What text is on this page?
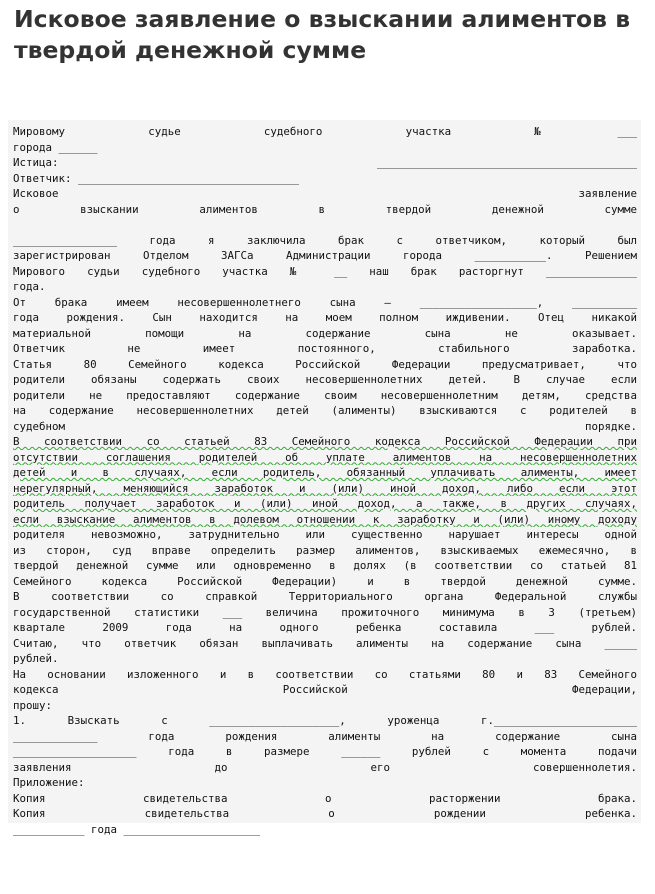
Исковое заявление о взыскании алиментов в твердой денежной сумме
Мировому судье судебного участка №___
города ______
Истица: ________________________________________
Ответчик: __________________________________
Исковое заявление
о взыскании алиментов в твердой денежной сумме
________________ года я заключила брак с ответчиком, который был
зарегистрирован Отделом ЗАГСа Администрации города ___________. Решением
Мирового судьи судебного участка № __ наш брак расторгнут ______________
года.
От брака имеем несовершеннолетнего сына – __________________, __________
года рождения. Сын находится на моем полном иждивении. Отец никакой
материальной помощи на содержание сына не оказывает.
Ответчик не имеет постоянного, стабильного заработка.
Статья 80 Семейного кодекса Российской Федерации предусматривает, что
родители обязаны содержать своих несовершеннолетних детей. В случае если
родители не предоставляют содержание своим несовершеннолетним детям, средства
на содержание несовершеннолетних детей (алименты) взыскиваются с родителей в
судебном порядке.
В соответствии со статьей 83 Семейного кодекса Российской Федерации при
отсутствии соглашения родителей об уплате алиментов на несовершеннолетних
детей и в случаях, если родитель, обязанный уплачивать алименты, имеет
нерегулярный, меняющийся заработок и (или) иной доход, либо если этот
родитель получает заработок и (или) иной доход, а также, в других случаях,
если взыскание алиментов в долевом отношении к заработку и (или) иному доходу
родителя невозможно, затруднительно или существенно нарушает интересы одной
из сторон, суд вправе определить размер алиментов, взыскиваемых ежемесячно, в
твердой денежной сумме или одновременно в долях (в соответствии со статьей 81
Семейного кодекса Российской Федерации) и в твердой денежной сумме.
В соответствии со справкой Территориального органа Федеральной службы
государственной статистики ___ величина прожиточного минимума в 3 (третьем)
квартале 2009 года на одного ребенка составила ___ рублей.
Считаю, что ответчик обязан выплачивать алименты на содержание сына _____
рублей.
На основании изложенного и в соответствии со статьями 80 и 83 Семейного
кодекса Российской Федерации,
прошу:
1. Взыскать с ____________________, уроженца г.______________________
_____________ года рождения алименты на содержание сына
___________________ года в размере ______ рублей с момента подачи
заявления до его совершеннолетия.
Приложение:
Копия свидетельства о расторжении брака.
Копия свидетельства о рождении ребенка.
___________ года _____________________
